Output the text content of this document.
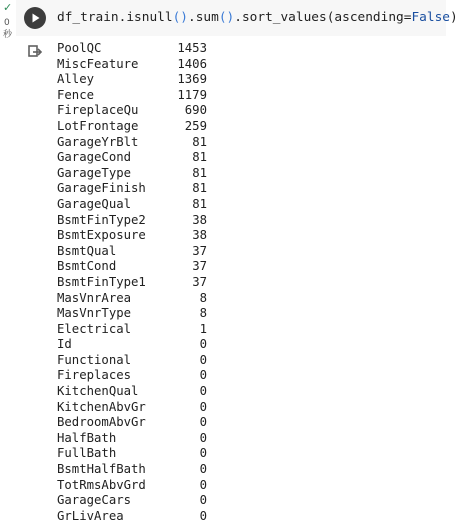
✓
0
秒
df_train.isnull().sum().sort_values(ascending=False)
PoolQC	1453
MiscFeature	1406
Alley	1369
Fence	1179
FireplaceQu	690
LotFrontage	259
GarageYrBlt	81
GarageCond	81
GarageType	81
GarageFinish	81
GarageQual	81
BsmtFinType2	38
BsmtExposure	38
BsmtQual	37
BsmtCond	37
BsmtFinType1	37
MasVnrArea	8
MasVnrType	8
Electrical	1
Id	0
Functional	0
Fireplaces	0
KitchenQual	0
KitchenAbvGr	0
BedroomAbvGr	0
HalfBath	0
FullBath	0
BsmtHalfBath	0
TotRmsAbvGrd	0
GarageCars	0
GrLivArea	0
